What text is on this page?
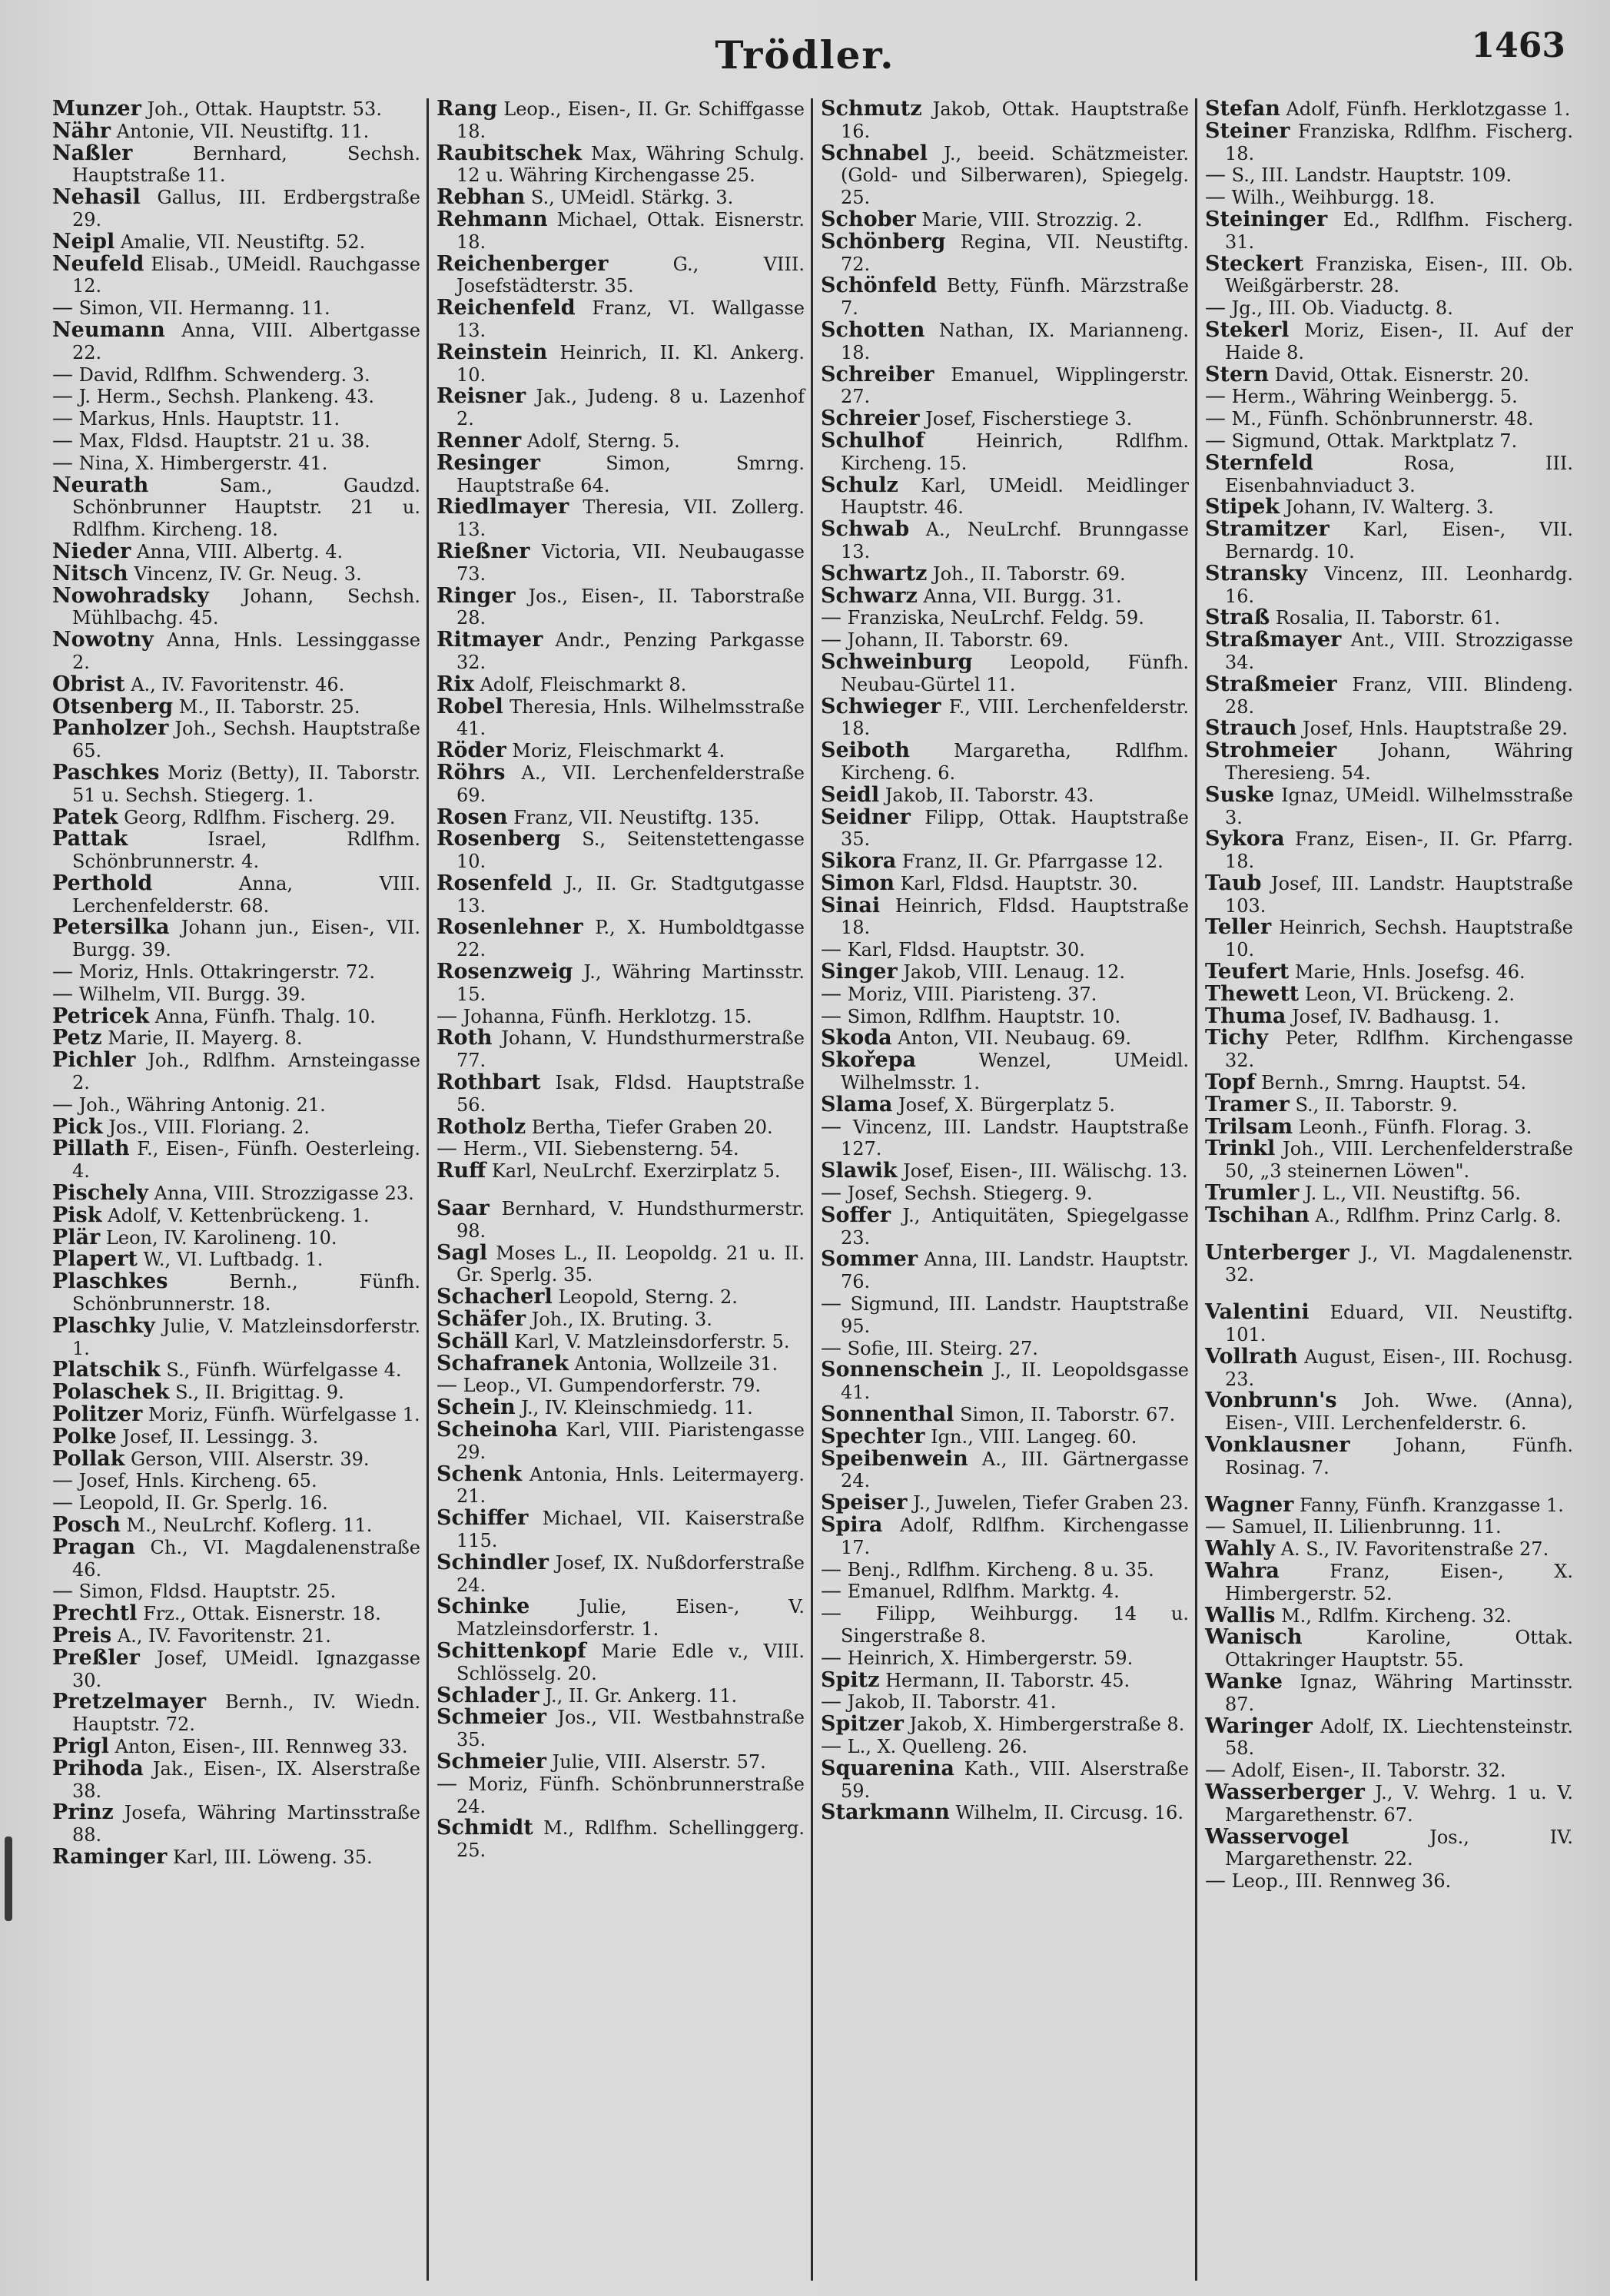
Trödler.	1463

Munzer Joh., Ottak. Hauptstr. 53.

Nähr Antonie, VII. Neustiftg. 11.

Naßler	Bernhard, Sechsh. Hauptstraße 11.

Nehasil Gallus, III. Erdbergstraße 29.

Neipl Amalie, VII. Neustiftg. 52.

Neufeld Elisab., UMeidl. Rauchgasse 12.

— Simon, VII. Hermanng. 11.

Neumann Anna, VIII. Albertgasse 22.

— David, Rdlfhm. Schwenderg. 3.

— J. Herm., Sechsh. Plankeng. 43.

— Markus, Hnls. Hauptstr. 11.

— Max, Fldsd. Hauptstr. 21 u. 38.

— Nina, X. Himbergerstr. 41.

Neurath	Sam., Gaudzd. Schönbrunner Hauptstr. 21 u. Rdlfhm. Kircheng. 18.

Nieder Anna, VIII. Albertg. 4.

Nitsch Vincenz, IV. Gr. Neug. 3.

Nowohradsky Johann, Sechsh. Mühlbachg. 45.

Nowotny Anna, Hnls. Lessinggasse 2.

Obrist A., IV. Favoritenstr. 46.

Otsenberg M., II. Taborstr. 25.

Panholzer Joh., Sechsh. Hauptstraße 65.

Paschkes Moriz (Betty), II. Taborstr. 51 u. Sechsh. Stiegerg. 1.

Patek Georg, Rdlfhm. Fischerg. 29.

Pattak	Israel, Rdlfhm. Schönbrunnerstr. 4.

Perthold	Anna, VIII. Lerchenfelderstr. 68.

Petersilka Johann jun., Eisen-, VII. Burgg. 39.

— Moriz, Hnls. Ottakringerstr. 72.

— Wilhelm, VII. Burgg. 39.

Petricek Anna, Fünfh. Thalg. 10.

Petz Marie, II. Mayerg. 8.

Pichler Joh., Rdlfhm. Arnsteingasse 2.

— Joh., Währing Antonig. 21.

Pick Jos., VIII. Floriang. 2.

Pillath F., Eisen-, Fünfh. Oesterleing. 4.

Pischely Anna, VIII. Strozzigasse 23.

Pisk Adolf, V. Kettenbrückeng. 1.

Plär Leon, IV. Karolineng. 10.

Plapert W., VI. Luftbadg. 1.

Plaschkes	Bernh., Fünfh. Schönbrunnerstr. 18.

Plaschky Julie, V. Matzleinsdorferstr. 1.

Platschik S., Fünfh. Würfelgasse 4.

Polaschek S., II. Brigittag. 9.

Politzer Moriz, Fünfh. Würfelgasse 1.

Polke Josef, II. Lessingg. 3.

Pollak Gerson, VIII. Alserstr. 39.

— Josef, Hnls. Kircheng. 65.

— Leopold, II. Gr. Sperlg. 16.

Posch M., NeuLrchf. Koflerg. 11.

Pragan Ch., VI. Magdalenenstraße 46.

— Simon, Fldsd. Hauptstr. 25.

Prechtl Frz., Ottak. Eisnerstr. 18.

Preis A., IV. Favoritenstr. 21.

Preßler Josef, UMeidl. Ignazgasse 30.

Pretzelmayer Bernh., IV. Wiedn. Hauptstr. 72.

Prigl Anton, Eisen-, III. Rennweg 33.

Prihoda Jak., Eisen-, IX. Alserstraße 38.

Prinz Josefa, Währing Martinsstraße 88.

Raminger Karl, III. Löweng. 35.

Rang Leop., Eisen-, II. Gr. Schiffgasse 18.

Raubitschek Max, Währing Schulg. 12 u. Währing Kirchengasse 25.

Rebhan S., UMeidl. Stärkg. 3.

Rehmann Michael, Ottak. Eisnerstr. 18.

Reichenberger	G., VIII. Josefstädterstr. 35.

Reichenfeld Franz, VI. Wallgasse 13.

Reinstein Heinrich, II. Kl. Ankerg. 10.

Reisner Jak., Judeng. 8 u. Lazenhof 2.

Renner Adolf, Sterng. 5.

Resinger	Simon, Smrng. Hauptstraße 64.

Riedlmayer Theresia, VII. Zollerg. 13.

Rießner Victoria, VII. Neubaugasse 73.

Ringer Jos., Eisen-, II. Taborstraße 28.

Ritmayer Andr., Penzing Parkgasse 32.

Rix Adolf, Fleischmarkt 8.

Robel Theresia, Hnls. Wilhelmsstraße 41.

Röder Moriz, Fleischmarkt 4.

Röhrs A., VII. Lerchenfelderstraße 69.

Rosen Franz, VII. Neustiftg. 135.

Rosenberg S., Seitenstettengasse 10.

Rosenfeld J., II. Gr. Stadtgutgasse 13.

Rosenlehner P., X. Humboldtgasse 22.

Rosenzweig J., Währing Martinsstr. 15.

— Johanna, Fünfh. Herklotzg. 15.

Roth Johann, V. Hundsthurmerstraße 77.

Rothbart Isak, Fldsd. Hauptstraße 56.

Rotholz Bertha, Tiefer Graben 20.

— Herm., VII. Siebensterng. 54.

Ruff Karl, NeuLrchf. Exerzirplatz 5.

Saar Bernhard, V. Hundsthurmerstr. 98.

Sagl Moses L., II. Leopoldg. 21 u. II. Gr. Sperlg. 35.

Schacherl Leopold, Sterng. 2.

Schäfer Joh., IX. Bruting. 3.

Schäll Karl, V. Matzleinsdorferstr. 5.

Schafranek Antonia, Wollzeile 31.

— Leop., VI. Gumpendorferstr. 79.

Schein J., IV. Kleinschmiedg. 11.

Scheinoha Karl, VIII. Piaristengasse 29.

Schenk Antonia, Hnls. Leitermayerg. 21.

Schiffer Michael, VII. Kaiserstraße 115.

Schindler Josef, IX. Nußdorferstraße 24.

Schinke	Julie, Eisen-, V. Matzleinsdorferstr. 1.

Schittenkopf Marie Edle v., VIII. Schlösselg. 20.

Schlader J., II. Gr. Ankerg. 11.

Schmeier Jos., VII. Westbahnstraße 35.

Schmeier Julie, VIII. Alserstr. 57.

— Moriz, Fünfh. Schönbrunnerstraße 24.

Schmidt M., Rdlfhm. Schellinggerg. 25.

Schmutz Jakob, Ottak. Hauptstraße 16.

Schnabel J., beeid. Schätzmeister. (Gold- und Silberwaren), Spiegelg. 25.

Schober Marie, VIII. Strozzig. 2.

Schönberg Regina, VII. Neustiftg. 72.

Schönfeld Betty, Fünfh. Märzstraße 7.

Schotten Nathan, IX. Marianneng. 18.

Schreiber Emanuel, Wipplingerstr. 27.

Schreier Josef, Fischerstiege 3.

Schulhof	Heinrich, Rdlfhm. Kircheng. 15.

Schulz Karl, UMeidl. Meidlinger Hauptstr. 46.

Schwab A., NeuLrchf. Brunngasse 13.

Schwartz Joh., II. Taborstr. 69.

Schwarz Anna, VII. Burgg. 31.

— Franziska, NeuLrchf. Feldg. 59.

— Johann, II. Taborstr. 69.

Schweinburg Leopold, Fünfh. Neubau-Gürtel 11.

Schwieger F., VIII. Lerchenfelderstr. 18.

Seiboth Margaretha, Rdlfhm. Kircheng. 6.

Seidl Jakob, II. Taborstr. 43.

Seidner Filipp, Ottak. Hauptstraße 35.

Sikora Franz, II. Gr. Pfarrgasse 12.

Simon Karl, Fldsd. Hauptstr. 30.

Sinai Heinrich, Fldsd. Hauptstraße 18.

— Karl, Fldsd. Hauptstr. 30.

Singer Jakob, VIII. Lenaug. 12.

— Moriz, VIII. Piaristeng. 37.

— Simon, Rdlfhm. Hauptstr. 10.

Skoda Anton, VII. Neubaug. 69.

Skořepa	Wenzel, UMeidl. Wilhelmsstr. 1.

Slama Josef, X. Bürgerplatz 5.

— Vincenz, III. Landstr. Hauptstraße 127.

Slawik Josef, Eisen-, III. Wälischg. 13.

— Josef, Sechsh. Stiegerg. 9.

Soffer J., Antiquitäten, Spiegelgasse 23.

Sommer Anna, III. Landstr. Hauptstr. 76.

— Sigmund, III. Landstr. Hauptstraße 95.

— Sofie, III. Steirg. 27.

Sonnenschein J., II. Leopoldsgasse 41.

Sonnenthal Simon, II. Taborstr. 67.

Spechter Ign., VIII. Langeg. 60.

Speibenwein A., III. Gärtnergasse 24.

Speiser J., Juwelen, Tiefer Graben 23.

Spira Adolf, Rdlfhm. Kirchengasse 17.

— Benj., Rdlfhm. Kircheng. 8 u. 35.

— Emanuel, Rdlfhm. Marktg. 4.

— Filipp, Weihburgg. 14 u. Singerstraße 8.

— Heinrich, X. Himbergerstr. 59.

Spitz Hermann, II. Taborstr. 45.

— Jakob, II. Taborstr. 41.

Spitzer Jakob, X. Himbergerstraße 8.

— L., X. Quelleng. 26.

Squarenina Kath., VIII. Alserstraße 59.

Starkmann Wilhelm, II. Circusg. 16.

Stefan Adolf, Fünfh. Herklotzgasse 1.

Steiner Franziska, Rdlfhm. Fischerg. 18.

— S., III. Landstr. Hauptstr. 109.

— Wilh., Weihburgg. 18.

Steininger Ed., Rdlfhm. Fischerg. 31.

Steckert Franziska, Eisen-, III. Ob. Weißgärberstr. 28.

— Jg., III. Ob. Viaductg. 8.

Stekerl Moriz, Eisen-, II. Auf der Haide 8.

Stern David, Ottak. Eisnerstr. 20.

— Herm., Währing Weinbergg. 5.

— M., Fünfh. Schönbrunnerstr. 48.

— Sigmund, Ottak. Marktplatz 7.

Sternfeld	Rosa, III. Eisenbahnviaduct 3.

Stipek Johann, IV. Walterg. 3.

Stramitzer Karl, Eisen-, VII. Bernardg. 10.

Stransky Vincenz, III. Leonhardg. 16.

Straß Rosalia, II. Taborstr. 61.

Straßmayer Ant., VIII. Strozzigasse 34.

Straßmeier Franz, VIII. Blindeng. 28.

Strauch Josef, Hnls. Hauptstraße 29.

Strohmeier Johann, Währing Theresieng. 54.

Suske Ignaz, UMeidl. Wilhelmsstraße 3.

Sykora Franz, Eisen-, II. Gr. Pfarrg. 18.

Taub Josef, III. Landstr. Hauptstraße 103.

Teller Heinrich, Sechsh. Hauptstraße 10.

Teufert Marie, Hnls. Josefsg. 46.

Thewett Leon, VI. Brückeng. 2.

Thuma Josef, IV. Badhausg. 1.

Tichy Peter, Rdlfhm. Kirchengasse 32.

Topf Bernh., Smrng. Hauptst. 54.

Tramer S., II. Taborstr. 9.

Trilsam Leonh., Fünfh. Florag. 3.

Trinkl Joh., VIII. Lerchenfelderstraße 50, „3 steinernen Löwen".

Trumler J. L., VII. Neustiftg. 56.

Tschihan A., Rdlfhm. Prinz Carlg. 8.

Unterberger J., VI. Magdalenenstr. 32.

Valentini Eduard, VII. Neustiftg. 101.

Vollrath August, Eisen-, III. Rochusg. 23.

Vonbrunn's Joh. Wwe. (Anna), Eisen-, VIII. Lerchenfelderstr. 6.

Vonklausner Johann, Fünfh. Rosinag. 7.

Wagner Fanny, Fünfh. Kranzgasse 1.

— Samuel, II. Lilienbrunng. 11.

Wahly A. S., IV. Favoritenstraße 27.

Wahra	Franz, Eisen-, X. Himbergerstr. 52.

Wallis M., Rdlfm. Kircheng. 32.

Wanisch	Karoline, Ottak. Ottakringer Hauptstr. 55.

Wanke Ignaz, Währing Martinsstr. 87.

Waringer Adolf, IX. Liechtensteinstr. 58.

— Adolf, Eisen-, II. Taborstr. 32.

Wasserberger J., V. Wehrg. 1 u. V. Margarethenstr. 67.

Wasservogel	Jos., IV. Margarethenstr. 22.

— Leop., III. Rennweg 36.
